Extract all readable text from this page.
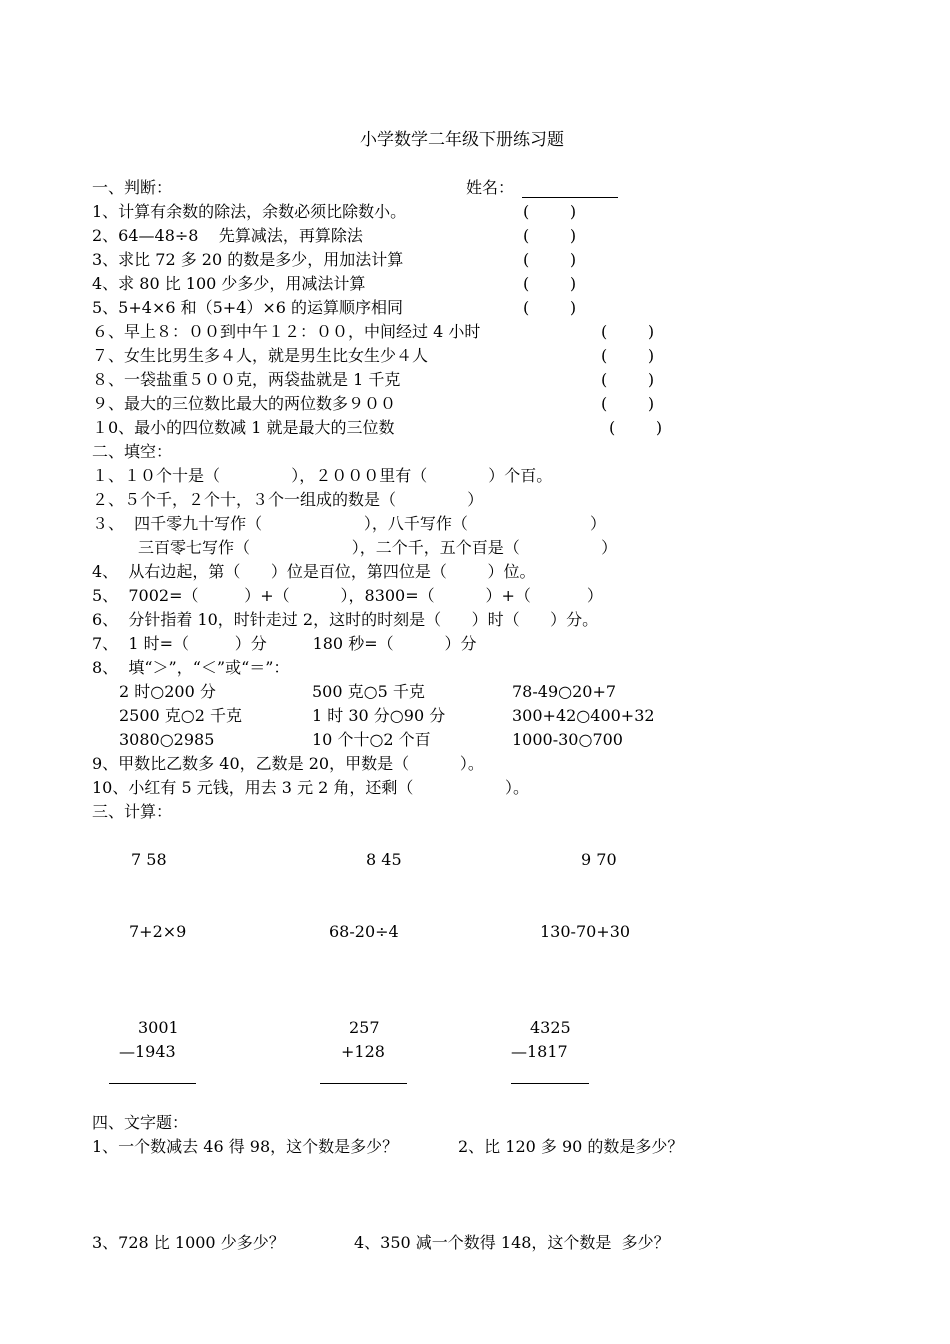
小学数学二年级下册练习题
一、判断：	姓名：
1、计算有余数的除法，余数必须比除数小。	(        )
2、64—48÷8    先算减法，再算除法	(        )
3、求比 72 多 20 的数是多少，用加法计算	(        )
4、求 80 比 100 少多少，用减法计算	(        )
5、5+4×6 和（5+4）×6 的运算顺序相同	(        )
６、早上８：００到中午１２：００，中间经过 4 小时	(        )
７、女生比男生多４人，就是男生比女生少４人	(        )
８、一袋盐重５００克，两袋盐就是 1 千克	(        )
９、最大的三位数比最大的两位数多９００	(        )
１0、最小的四位数减 1 就是最大的三位数	(        )
二、填空：
１、１０个十是（              ），２０００里有（            ）个百。
２、５个千，２个十，３个一组成的数是（              ）
３、  四千零九十写作（                    ），八千写作（                        ）
三百零七写作（                    ），二个千，五个百是（                ）
4、  从右边起，第（      ）位是百位，第四位是（        ）位。
5、  7002=（         ）+（          ），8300=（          ）+（           ）
6、  分针指着 10，时针走过 2，这时的时刻是（      ）时（      ）分。
7、  1 时=（         ）分         180 秒=（          ）分
8、  填“＞”，“＜”或“＝”：
2 时○200 分	500 克○5 千克	78-49○20+7
2500 克○2 千克	1 时 30 分○90 分	300+42○400+32
3080○2985	10 个十○2 个百	1000-30○700
9、甲数比乙数多 40，乙数是 20，甲数是（          ）。
10、小红有 5 元钱，用去 3 元 2 角，还剩（                  ）。
三、计算：
7 58	8 45	9 70
7+2×9	68-20÷4	130-70+30
3001
—1943
257
+128
4325
—1817
四、文字题：
1、一个数减去 46 得 98，这个数是多少？	2、比 120 多 90 的数是多少？
3、728 比 1000 少多少？	4、350 减一个数得 148，这个数是  多少？
